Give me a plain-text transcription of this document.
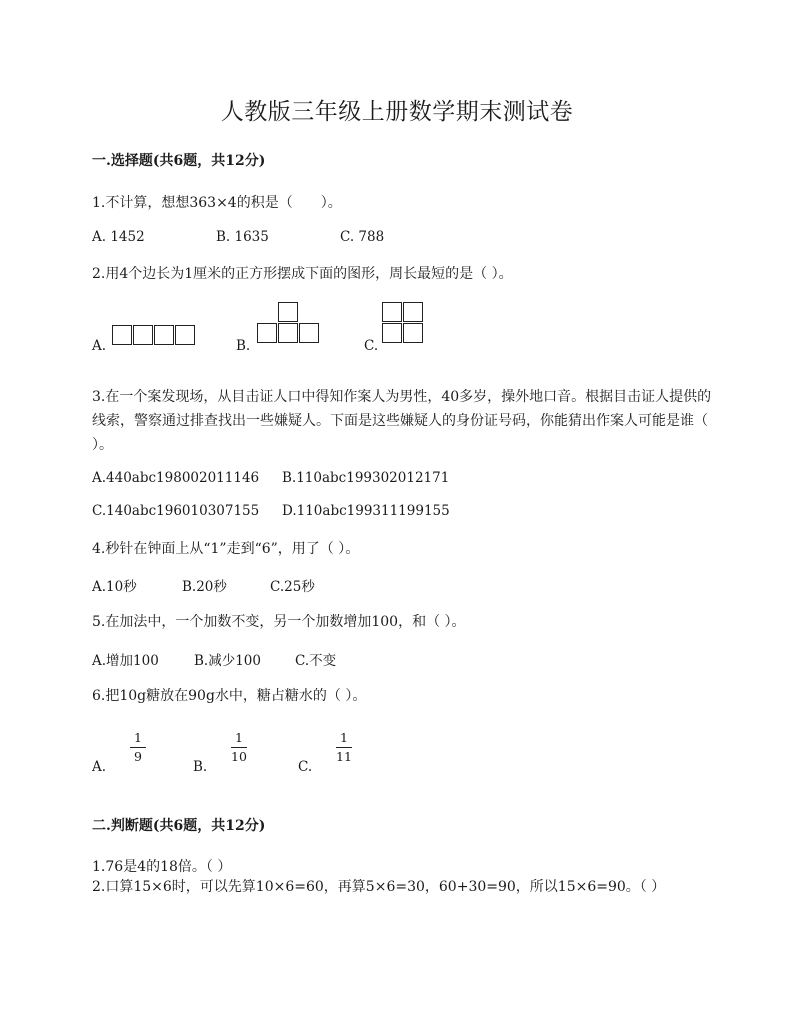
人教版三年级上册数学期末测试卷
一.选择题(共6题，共12分)
1.不计算，想想363×4的积是（　　）。
A. 1452	B. 1635	C. 788
2.用4个边长为1厘米的正方形摆成下面的图形，周长最短的是（ ）。
A.	B.	C.
3.在一个案发现场，从目击证人口中得知作案人为男性，40多岁，操外地口音。根据目击证人提供的线索，警察通过排查找出一些嫌疑人。下面是这些嫌疑人的身份证号码，你能猜出作案人可能是谁（ ）。
A.440abc198002011146 B.110abc199302012171
C.140abc196010307155 D.110abc199311199155
4.秒针在钟面上从“1”走到“6”，用了（ ）。
A.10秒	B.20秒	C.25秒
5.在加法中，一个加数不变，另一个加数增加100，和（ ）。
A.增加100	B.减少100	C.不变
6.把10g糖放在90g水中，糖占糖水的（ ）。
A.
1
9
B.
1
10
C.
1
11
二.判断题(共6题，共12分)
1.76是4的18倍。（ ）
2.口算15×6时，可以先算10×6=60，再算5×6=30，60+30=90，所以15×6=90。（ ）
